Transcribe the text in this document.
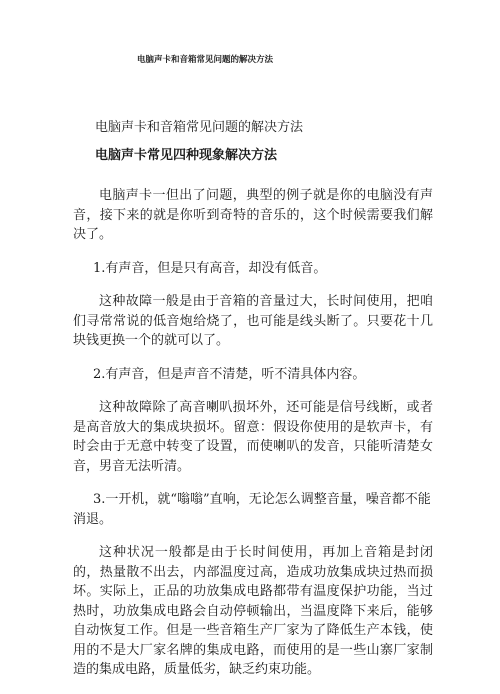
电脑声卡和音箱常见问题的解决方法
电脑声卡和音箱常见问题的解决方法
电脑声卡常见四种现象解决方法

电脑声卡一但出了问题，典型的例子就是你的电脑没有声音，接下来的就是你听到奇特的音乐的，这个时候需要我们解决了。

1.有声音，但是只有高音，却没有低音。

这种故障一般是由于音箱的音量过大，长时间使用，把咱们寻常常说的低音炮给烧了，也可能是线头断了。只要花十几块钱更换一个的就可以了。

2.有声音，但是声音不清楚，听不清具体内容。

这种故障除了高音喇叭损坏外，还可能是信号线断，或者是高音放大的集成块损坏。留意：假设你使用的是软声卡，有时会由于无意中转变了设置，而使喇叭的发音，只能听清楚女音，男音无法听清。

3.一开机，就“嗡嗡”直响，无论怎么调整音量，噪音都不能消退。

这种状况一般都是由于长时间使用，再加上音箱是封闭的，热量散不出去，内部温度过高，造成功放集成块过热而损坏。实际上，正品的功放集成电路都带有温度保护功能，当过热时，功放集成电路会自动停顿输出，当温度降下来后，能够自动恢复工作。但是一些音箱生产厂家为了降低生产本钱，使用的不是大厂家名牌的集成电路，而使用的是一些山寨厂家制造的集成电路，质量低劣，缺乏约束功能。
